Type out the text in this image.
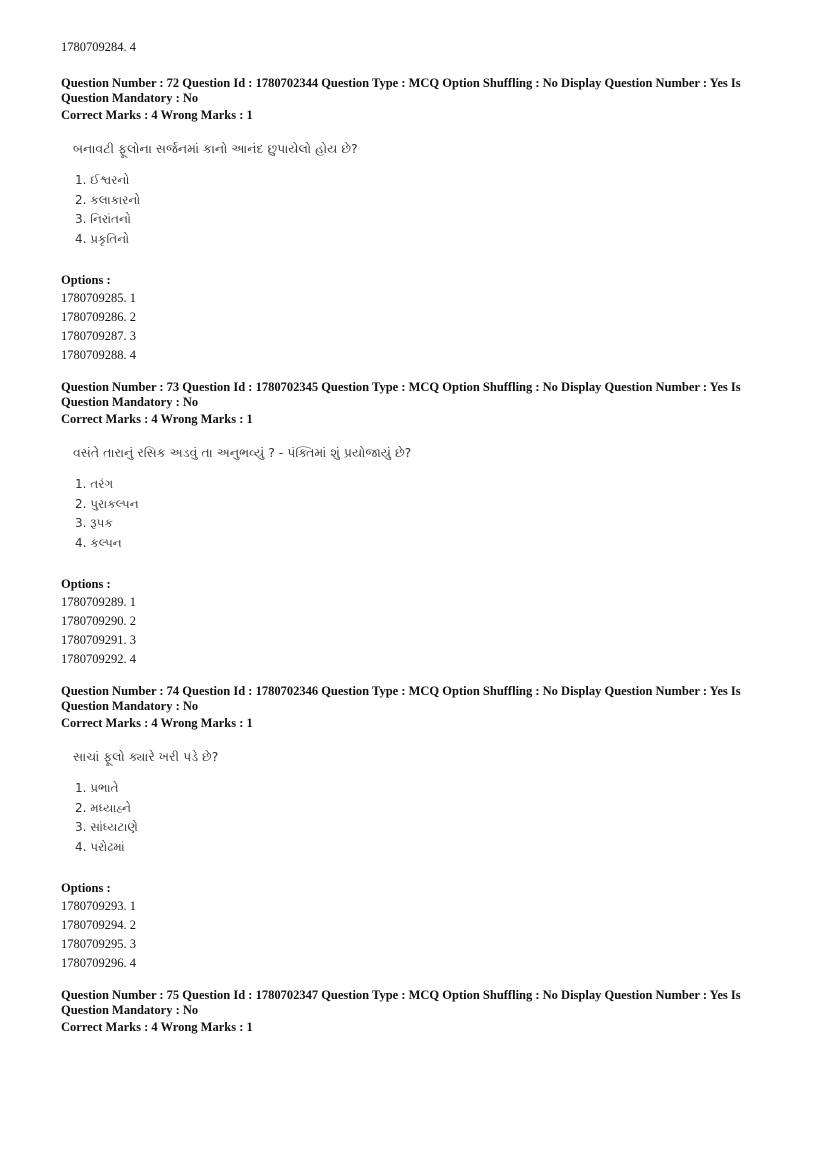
1780709284. 4
Question Number : 72 Question Id : 1780702344 Question Type : MCQ Option Shuffling : No Display Question Number : Yes Is
Question Mandatory : No
Correct Marks : 4 Wrong Marks : 1
બનાવટી ફૂલોના સર્જનમાં કાનો આનંદ છુપાયેલો હોય છે?
1. ઈશ્વરનો
2. કલાકારનો
3. નિરાંતનો
4. પ્રકૃતિનો
Options :
1780709285. 1
1780709286. 2
1780709287. 3
1780709288. 4
Question Number : 73 Question Id : 1780702345 Question Type : MCQ Option Shuffling : No Display Question Number : Yes Is
Question Mandatory : No
Correct Marks : 4 Wrong Marks : 1
વસંતે તારાનું રસિક અડવું તા અનુભવ્યું ? - પંક્તિમાં શું પ્રયોજાયું છે?
1. તરંગ
2. પુરાકલ્પન
3. રૂપક
4. કલ્પન
Options :
1780709289. 1
1780709290. 2
1780709291. 3
1780709292. 4
Question Number : 74 Question Id : 1780702346 Question Type : MCQ Option Shuffling : No Display Question Number : Yes Is
Question Mandatory : No
Correct Marks : 4 Wrong Marks : 1
સાચાં ફૂલો ક્યારે ખરી પડે છે?
1. પ્રભાતે
2. મધ્યાહ્ને
3. સાંધ્યટાણે
4. પરોઢમાં
Options :
1780709293. 1
1780709294. 2
1780709295. 3
1780709296. 4
Question Number : 75 Question Id : 1780702347 Question Type : MCQ Option Shuffling : No Display Question Number : Yes Is
Question Mandatory : No
Correct Marks : 4 Wrong Marks : 1
